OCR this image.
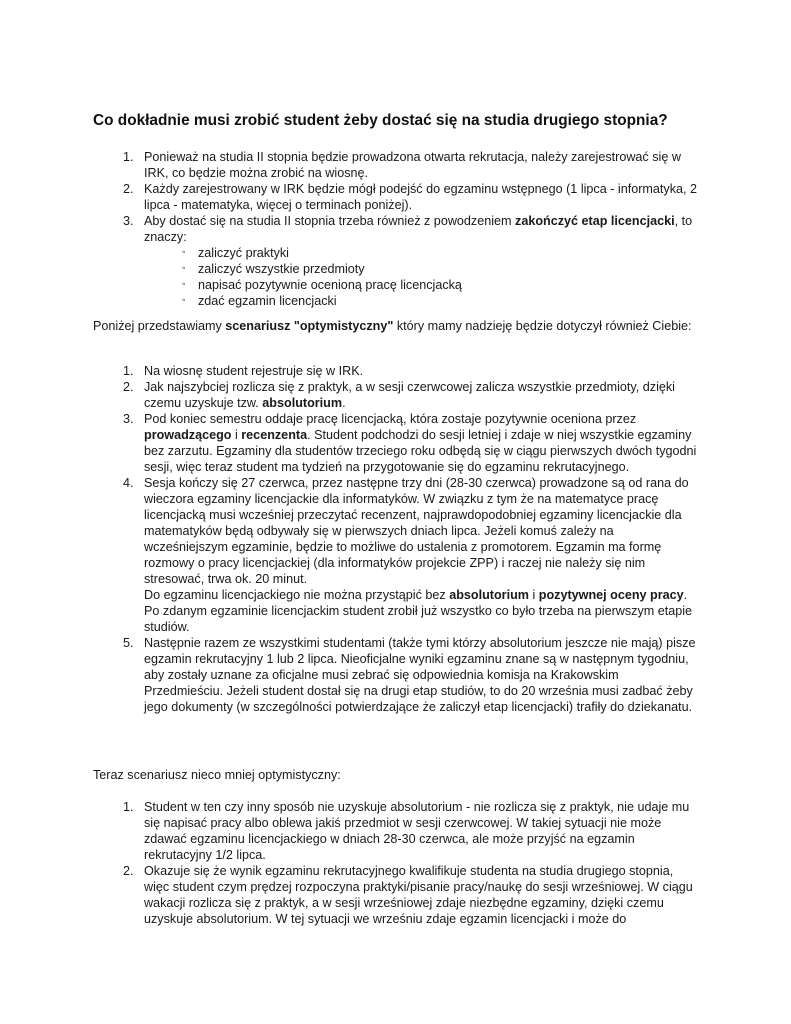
Co dokładnie musi zrobić student żeby dostać się na studia drugiego stopnia?
1. Ponieważ na studia II stopnia będzie prowadzona otwarta rekrutacja, należy zarejestrować się w IRK, co będzie można zrobić na wiosnę.
2. Każdy zarejestrowany w IRK będzie mógł podejść do egzaminu wstępnego (1 lipca - informatyka, 2 lipca - matematyka, więcej o terminach poniżej).
3. Aby dostać się na studia II stopnia trzeba również z powodzeniem zakończyć etap licencjacki, to znaczy:
◦ zaliczyć praktyki
◦ zaliczyć wszystkie przedmioty
◦ napisać pozytywnie ocenioną pracę licencjacką
◦ zdać egzamin licencjacki
Poniżej przedstawiamy scenariusz "optymistyczny" który mamy nadzieję będzie dotyczył również Ciebie:
1. Na wiosnę student rejestruje się w IRK.
2. Jak najszybciej rozlicza się z praktyk, a w sesji czerwcowej zalicza wszystkie przedmioty, dzięki czemu uzyskuje tzw. absolutorium.
3. Pod koniec semestru oddaje pracę licencjacką, która zostaje pozytywnie oceniona przez prowadzącego i recenzenta. Student podchodzi do sesji letniej i zdaje w niej wszystkie egzaminy bez zarzutu. Egzaminy dla studentów trzeciego roku odbędą się w ciągu pierwszych dwóch tygodni sesji, więc teraz student ma tydzień na przygotowanie się do egzaminu rekrutacyjnego.
4. Sesja kończy się 27 czerwca, przez następne trzy dni (28-30 czerwca) prowadzone są od rana do wieczora egzaminy licencjackie dla informatyków. W związku z tym że na matematyce pracę licencjacką musi wcześniej przeczytać recenzent, najprawdopodobniej egzaminy licencjackie dla matematyków będą odbywały się w pierwszych dniach lipca. Jeżeli komuś zależy na wcześniejszym egzaminie, będzie to możliwe do ustalenia z promotorem. Egzamin ma formę rozmowy o pracy licencjackiej (dla informatyków projekcie ZPP) i raczej nie należy się nim stresować, trwa ok. 20 minut.
Do egzaminu licencjackiego nie można przystąpić bez absolutorium i pozytywnej oceny pracy.
Po zdanym egzaminie licencjackim student zrobił już wszystko co było trzeba na pierwszym etapie studiów.
5. Następnie razem ze wszystkimi studentami (także tymi którzy absolutorium jeszcze nie mają) pisze egzamin rekrutacyjny 1 lub 2 lipca. Nieoficjalne wyniki egzaminu znane są w następnym tygodniu, aby zostały uznane za oficjalne musi zebrać się odpowiednia komisja na Krakowskim Przedmieściu. Jeżeli student dostał się na drugi etap studiów, to do 20 września musi zadbać żeby jego dokumenty (w szczególności potwierdzające że zaliczył etap licencjacki) trafiły do dziekanatu.
Teraz scenariusz nieco mniej optymistyczny:
1. Student w ten czy inny sposób nie uzyskuje absolutorium - nie rozlicza się z praktyk, nie udaje mu się napisać pracy albo oblewa jakiś przedmiot w sesji czerwcowej. W takiej sytuacji nie może zdawać egzaminu licencjackiego w dniach 28-30 czerwca, ale może przyjść na egzamin rekrutacyjny 1/2 lipca.
2. Okazuje się że wynik egzaminu rekrutacyjnego kwalifikuje studenta na studia drugiego stopnia, więc student czym prędzej rozpoczyna praktyki/pisanie pracy/naukę do sesji wrześniowej. W ciągu wakacji rozlicza się z praktyk, a w sesji wrześniowej zdaje niezbędne egzaminy, dzięki czemu uzyskuje absolutorium. W tej sytuacji we wrześniu zdaje egzamin licencjacki i może do
